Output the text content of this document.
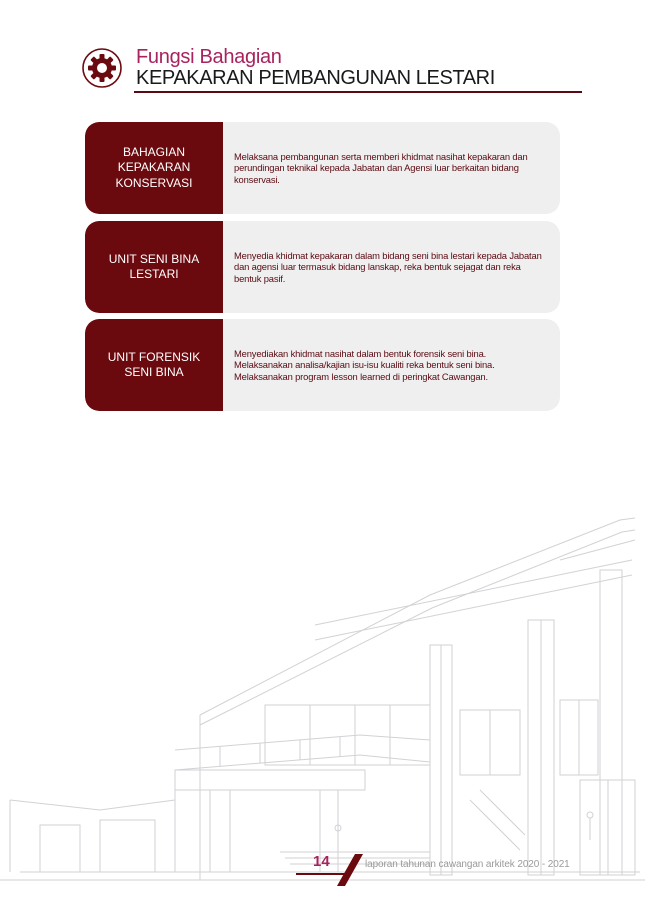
Fungsi Bahagian
KEPAKARAN PEMBANGUNAN LESTARI
BAHAGIAN KEPAKARAN KONSERVASI
Melaksana pembangunan serta memberi khidmat nasihat kepakaran dan perundingan teknikal kepada Jabatan dan Agensi luar berkaitan bidang konservasi.
UNIT SENI BINA LESTARI
Menyedia khidmat kepakaran dalam bidang seni bina lestari kepada Jabatan dan agensi luar termasuk bidang lanskap, reka bentuk sejagat dan reka bentuk pasif.
UNIT FORENSIK SENI BINA
Menyediakan khidmat nasihat dalam bentuk forensik seni bina.
Melaksanakan analisa/kajian isu-isu kualiti reka bentuk seni bina.
Melaksanakan program lesson learned di peringkat Cawangan.
14	laporan tahunan cawangan arkitek 2020 - 2021
